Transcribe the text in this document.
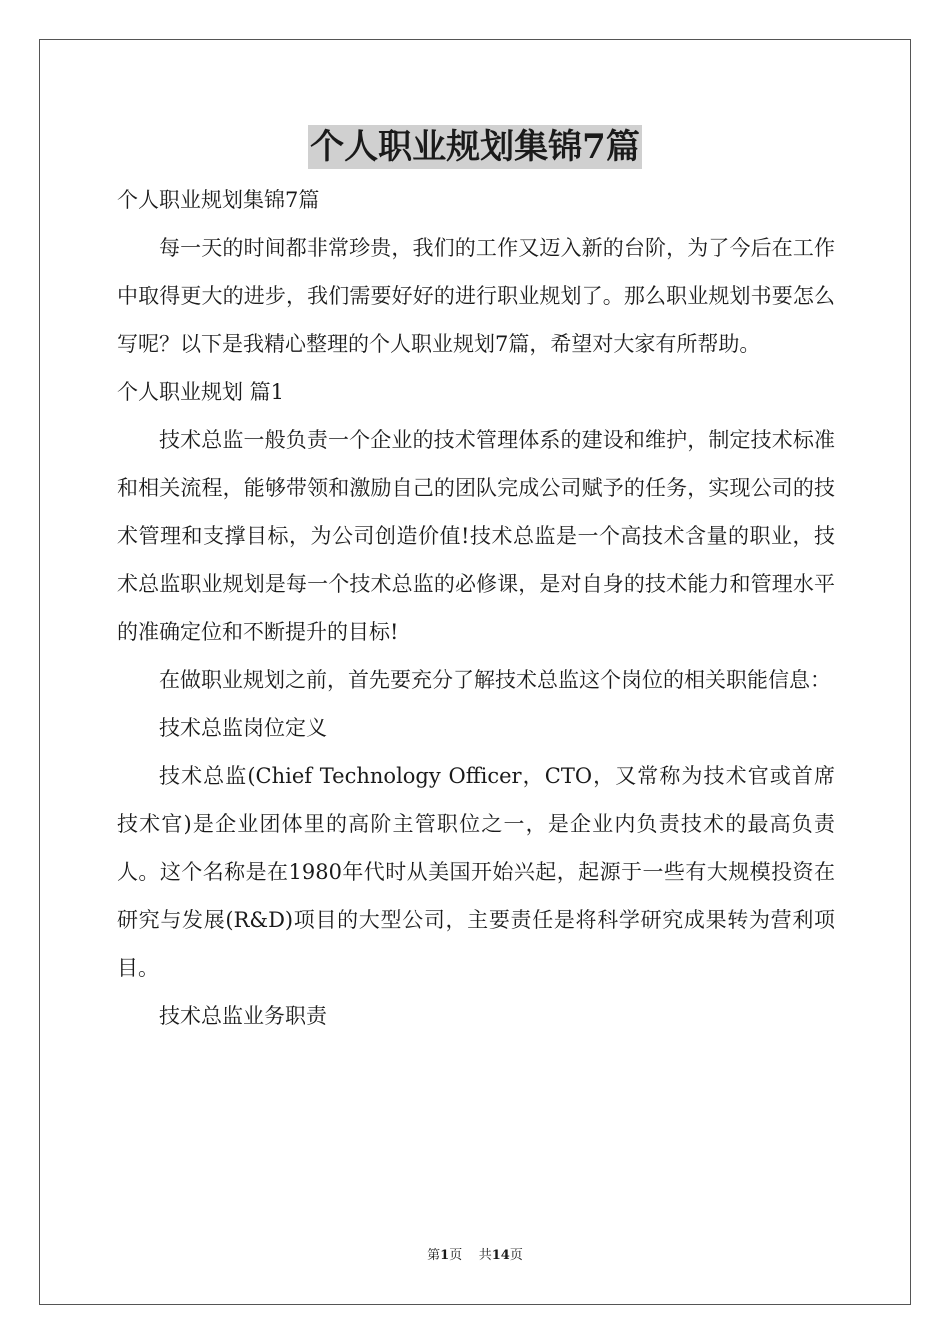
个人职业规划集锦7篇

个人职业规划集锦7篇

每一天的时间都非常珍贵，我们的工作又迈入新的台阶，为了今后在工作中取得更大的进步，我们需要好好的进行职业规划了。那么职业规划书要怎么写呢？以下是我精心整理的个人职业规划7篇，希望对大家有所帮助。

个人职业规划 篇1

技术总监一般负责一个企业的技术管理体系的建设和维护，制定技术标准和相关流程，能够带领和激励自己的团队完成公司赋予的任务，实现公司的技术管理和支撑目标，为公司创造价值!技术总监是一个高技术含量的职业，技术总监职业规划是每一个技术总监的必修课，是对自身的技术能力和管理水平的准确定位和不断提升的目标!

在做职业规划之前，首先要充分了解技术总监这个岗位的相关职能信息：

技术总监岗位定义

技术总监(Chief Technology Officer，CTO，又常称为技术官或首席技术官)是企业团体里的高阶主管职位之一，是企业内负责技术的最高负责人。这个名称是在1980年代时从美国开始兴起，起源于一些有大规模投资在研究与发展(R&D)项目的大型公司，主要责任是将科学研究成果转为营利项目。

技术总监业务职责

第1页 共14页
